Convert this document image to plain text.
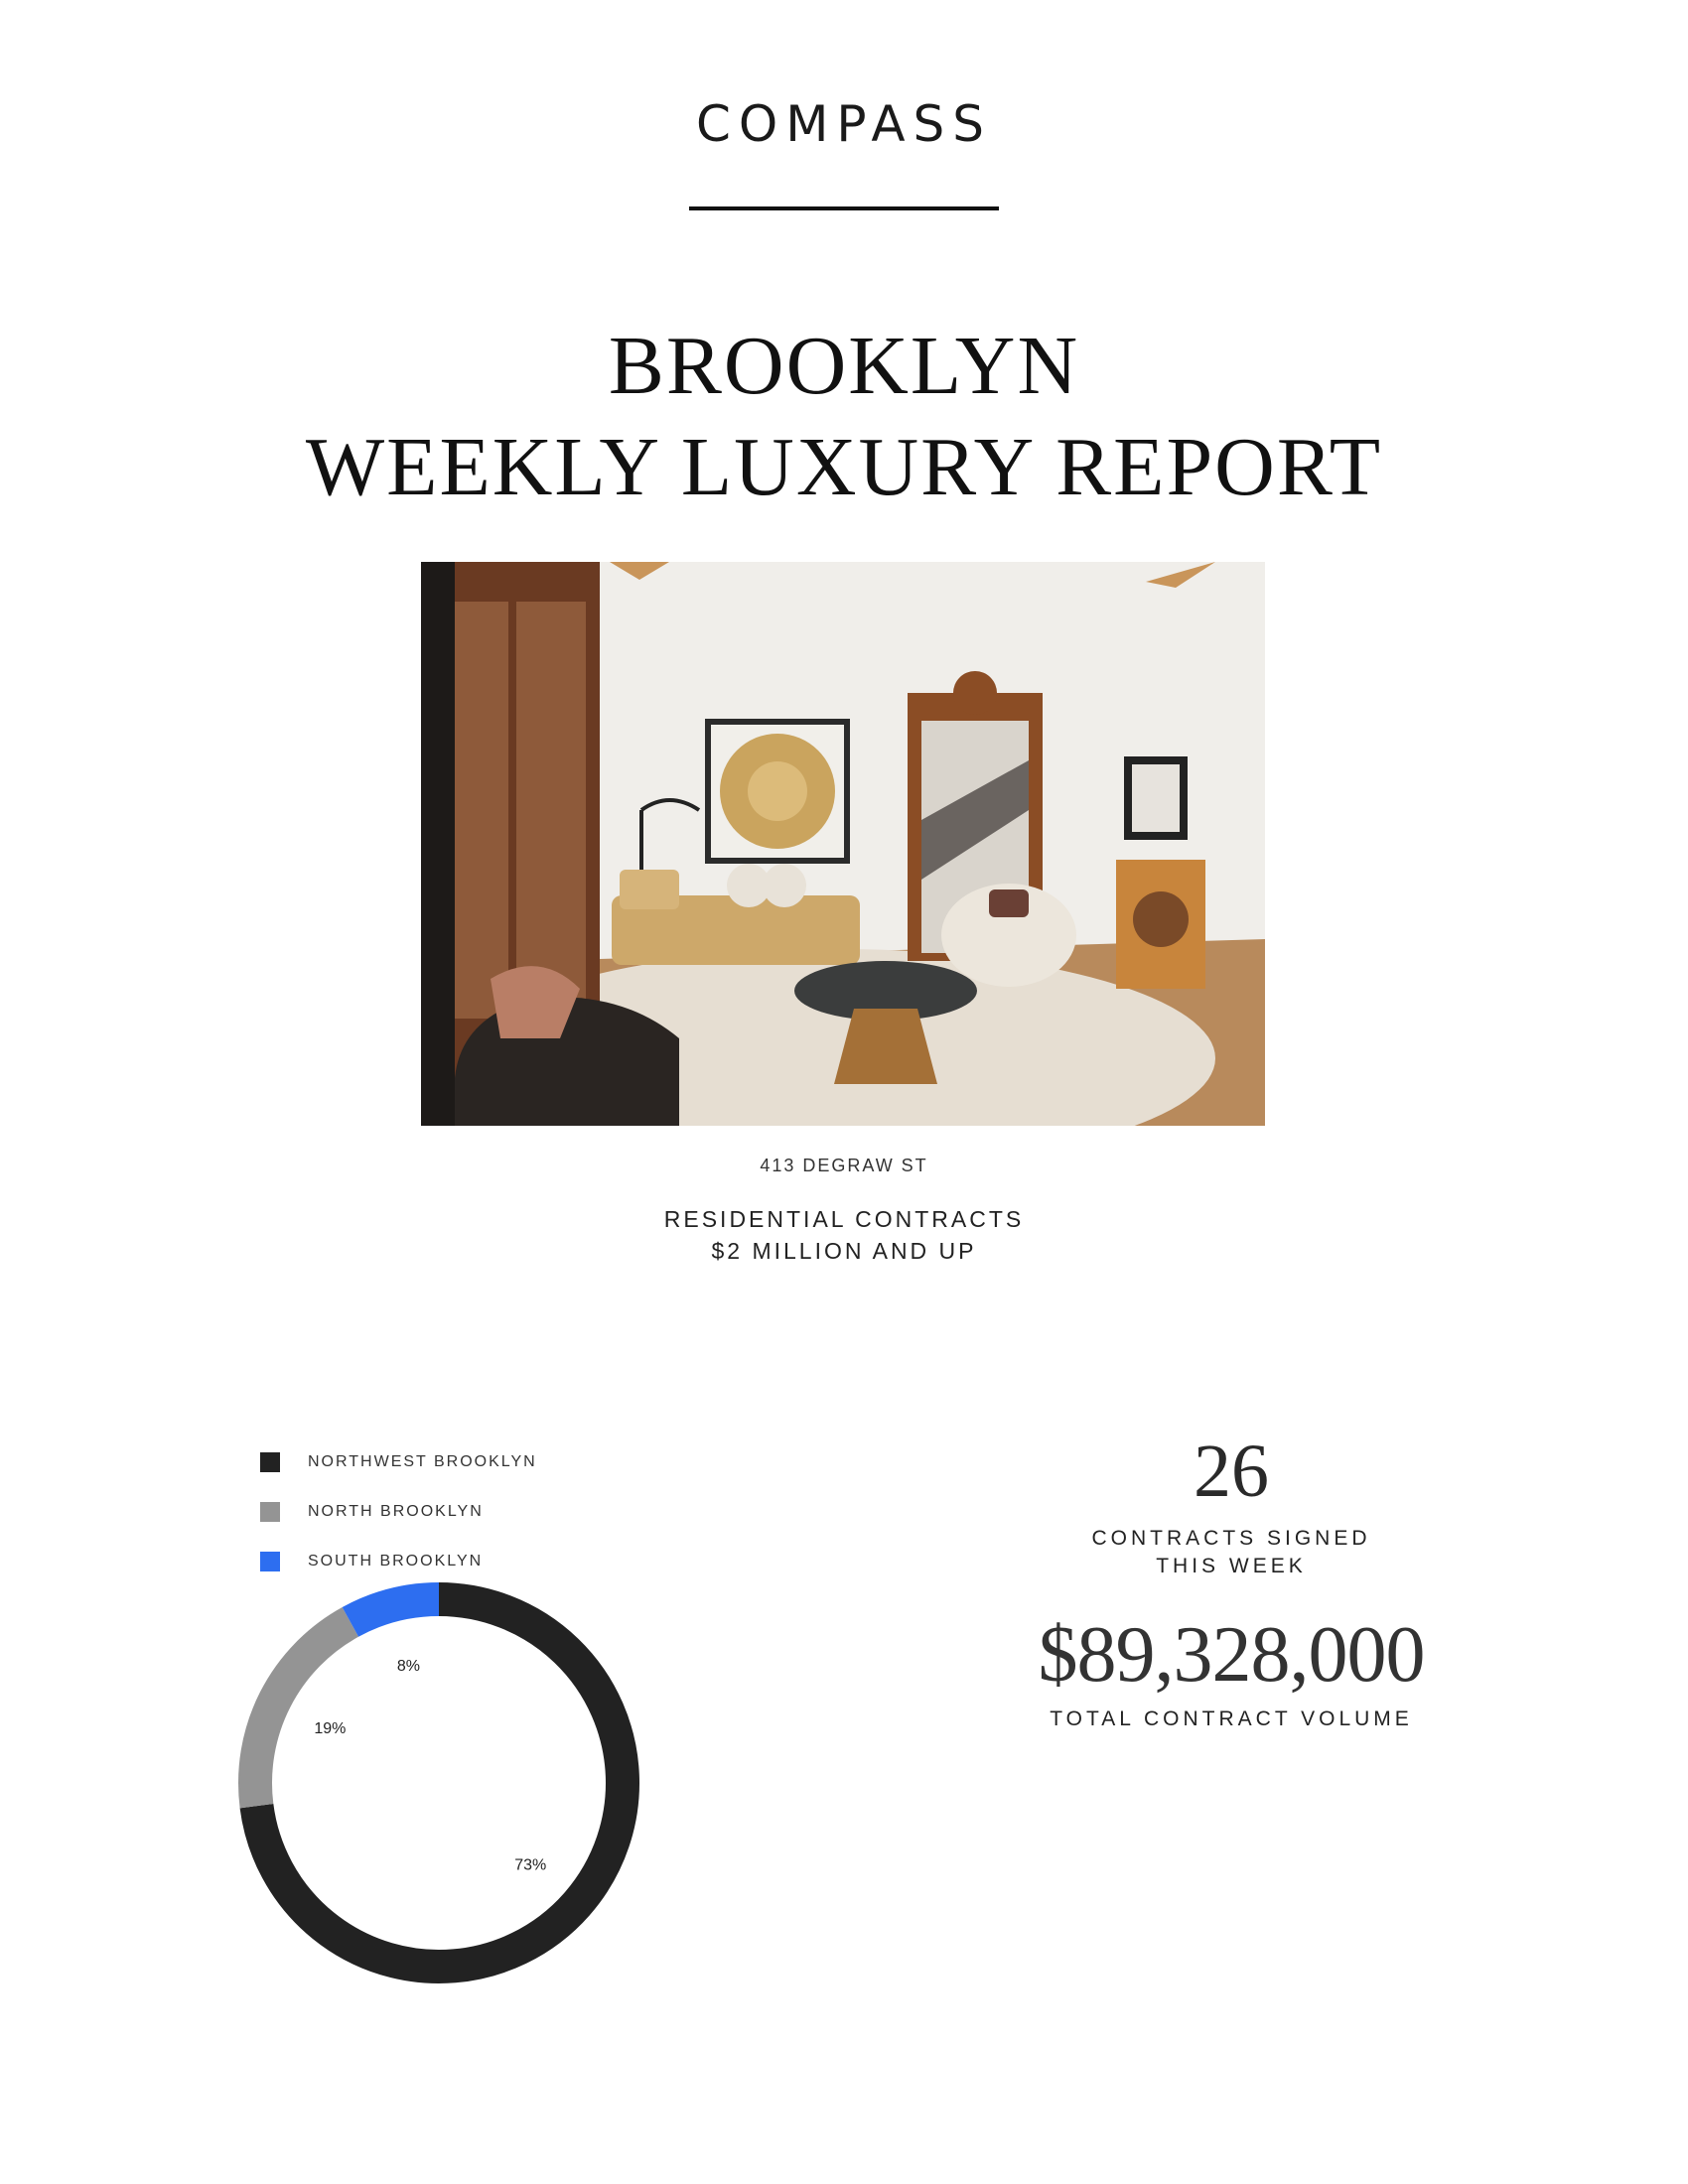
COMPASS
BROOKLYN
WEEKLY LUXURY REPORT
413 DEGRAW ST
RESIDENTIAL CONTRACTS
$2 MILLION AND UP
NORTHWEST BROOKLYN
NORTH BROOKLYN
SOUTH BROOKLYN
73%
19%
8%
26
CONTRACTS SIGNED
THIS WEEK
$89,328,000
TOTAL CONTRACT VOLUME
